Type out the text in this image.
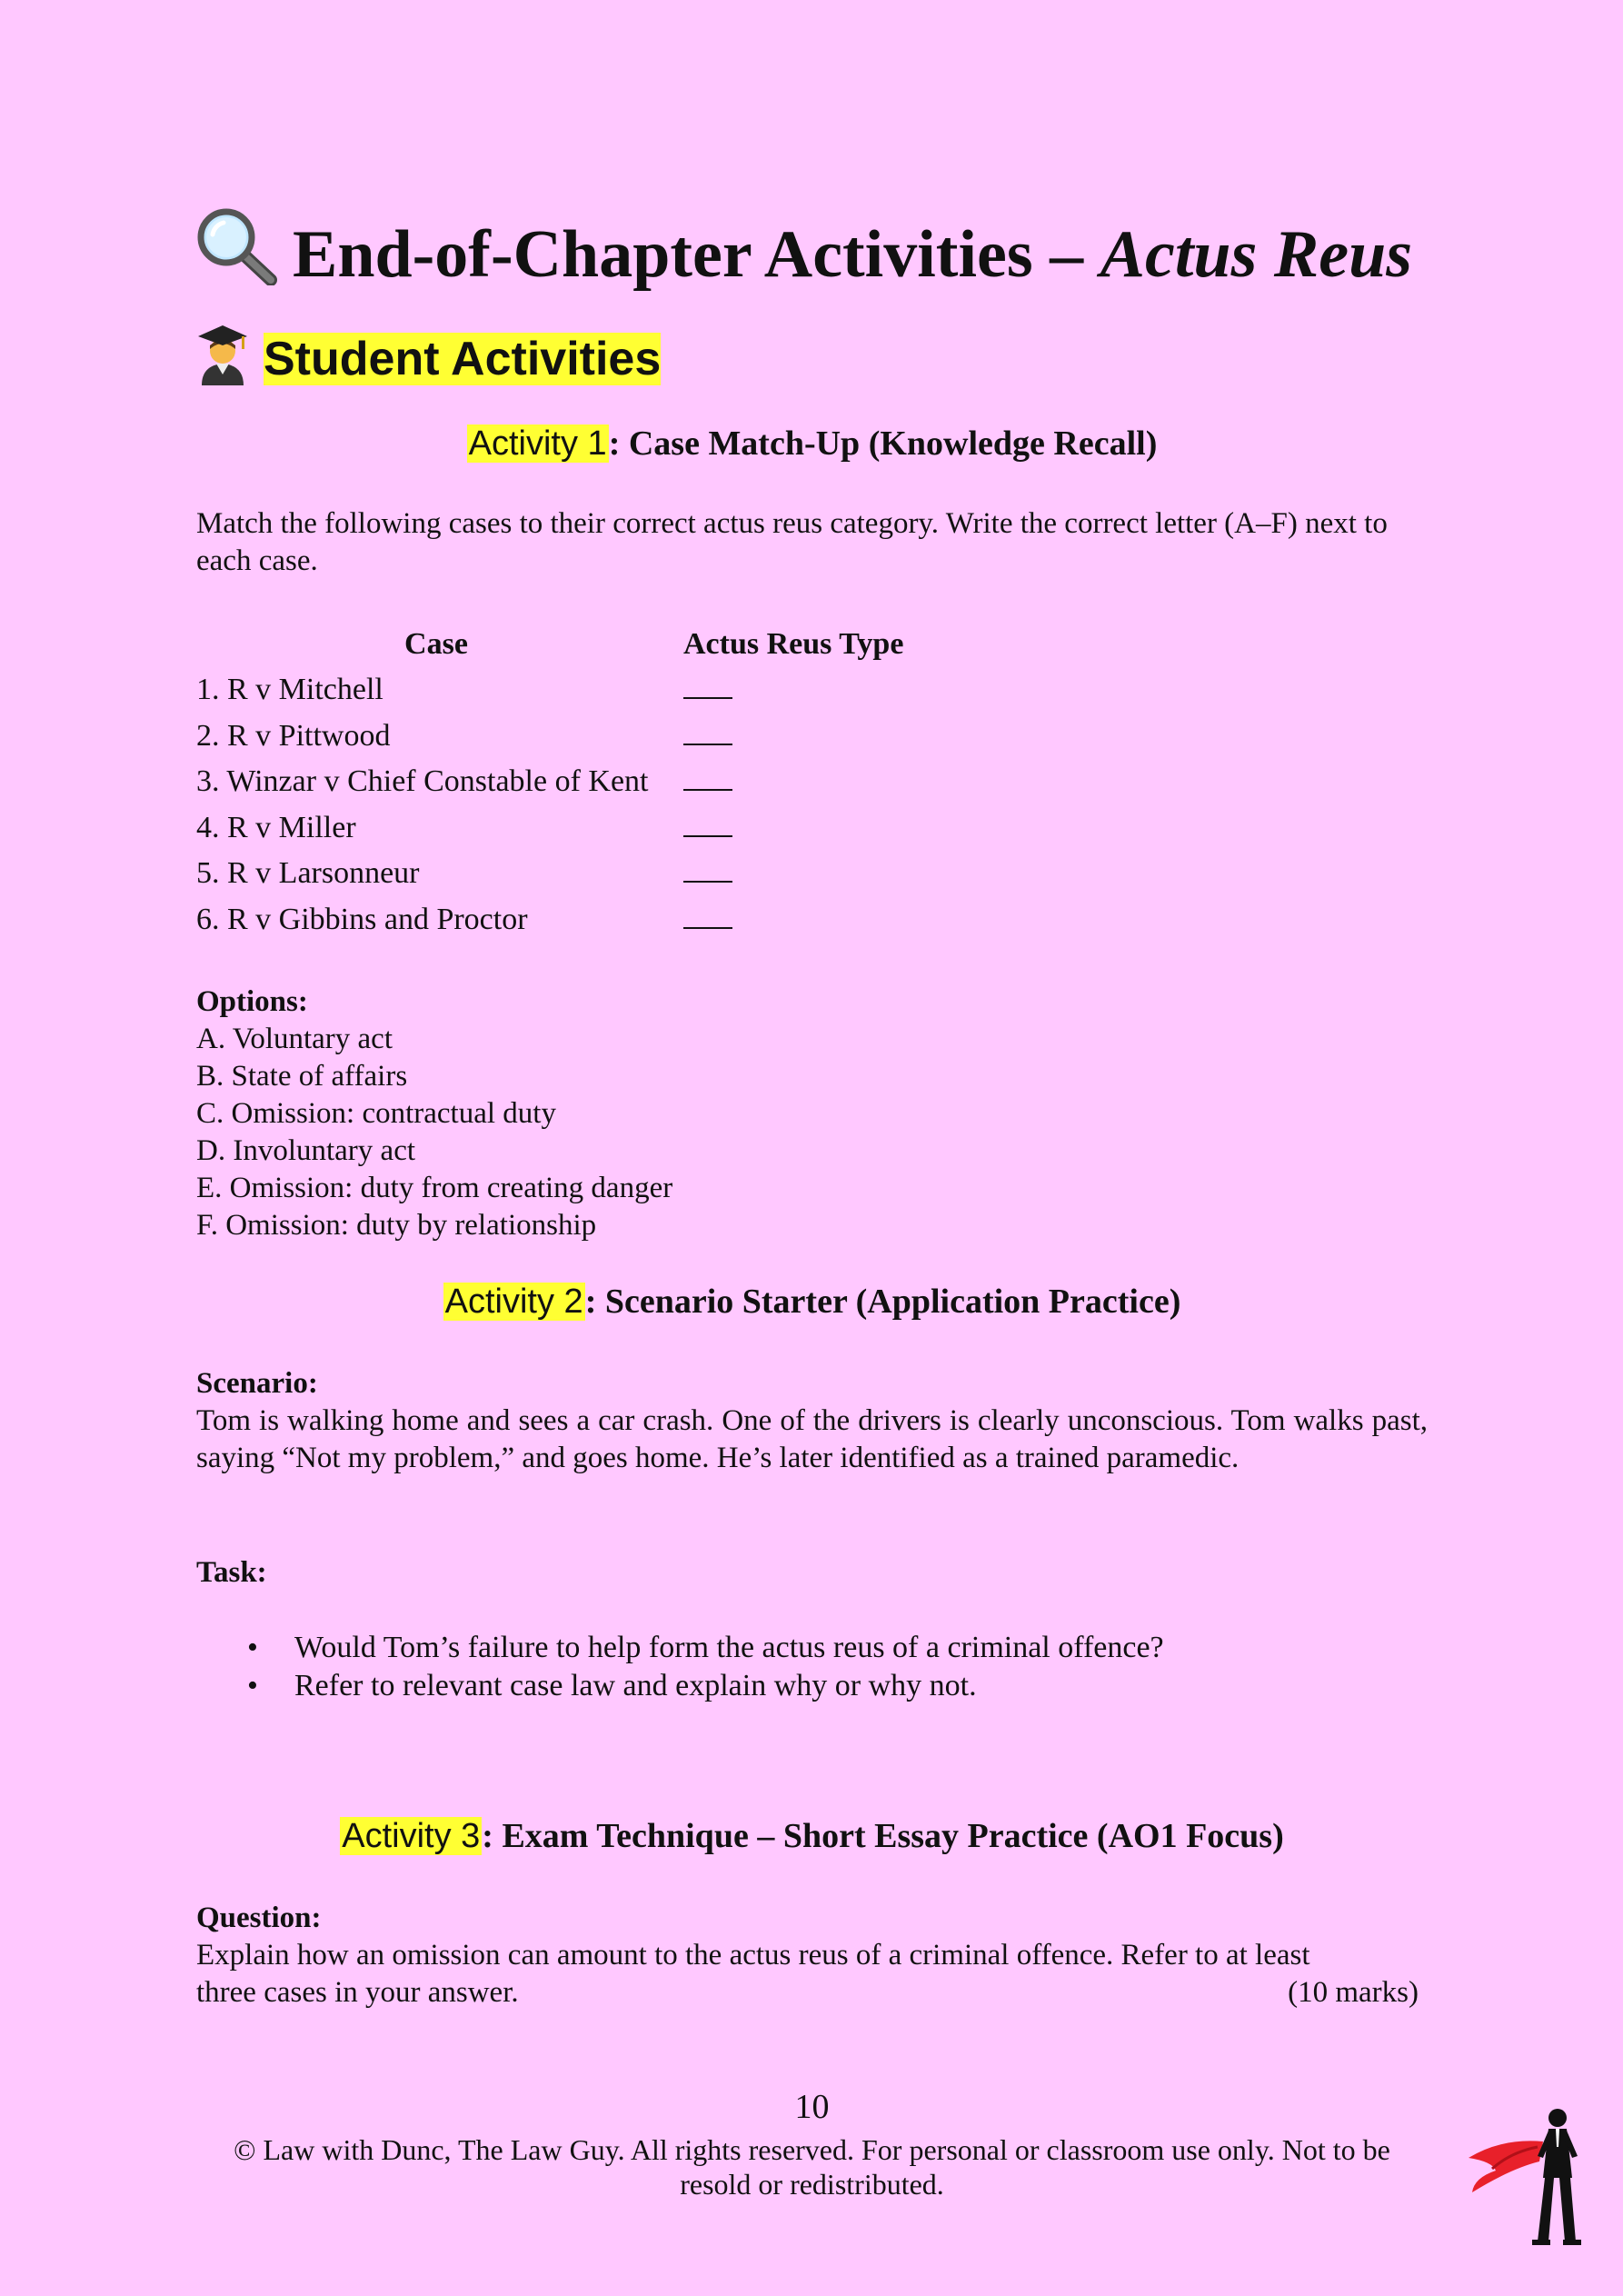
End-of-Chapter Activities – Actus Reus
Student Activities
Activity 1: Case Match-Up (Knowledge Recall)
Match the following cases to their correct actus reus category. Write the correct letter (A–F) next to each case.
Case	Actus Reus Type
1. R v Mitchell	
2. R v Pittwood	
3. Winzar v Chief Constable of Kent	
4. R v Miller	
5. R v Larsonneur	
6. R v Gibbins and Proctor	
Options:
A. Voluntary act
B. State of affairs
C. Omission: contractual duty
D. Involuntary act
E. Omission: duty from creating danger
F. Omission: duty by relationship
Activity 2: Scenario Starter (Application Practice)
Scenario:
Tom is walking home and sees a car crash. One of the drivers is clearly unconscious. Tom walks past, saying “Not my problem,” and goes home. He’s later identified as a trained paramedic.
Task:
• Would Tom’s failure to help form the actus reus of a criminal offence?
• Refer to relevant case law and explain why or why not.
Activity 3: Exam Technique – Short Essay Practice (AO1 Focus)
Question:
Explain how an omission can amount to the actus reus of a criminal offence. Refer to at least
three cases in your answer.	(10 marks)
10
© Law with Dunc, The Law Guy. All rights reserved. For personal or classroom use only. Not to be resold or redistributed.
